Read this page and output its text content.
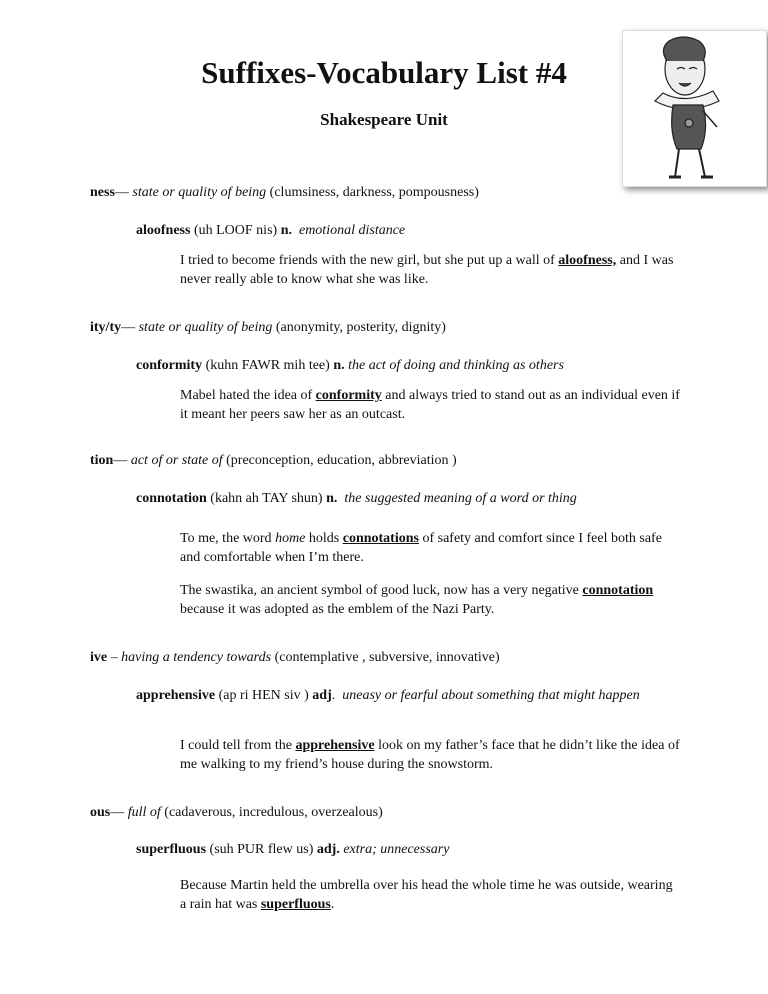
Suffixes-Vocabulary List #4
Shakespeare Unit

ness— state or quality of being (clumsiness, darkness, pompousness)

aloofness (uh LOOF nis) n. emotional distance

I tried to become friends with the new girl, but she put up a wall of aloofness, and I was never really able to know what she was like.

ity/ty— state or quality of being (anonymity, posterity, dignity)

conformity (kuhn FAWR mih tee) n. the act of doing and thinking as others

Mabel hated the idea of conformity and always tried to stand out as an individual even if it meant her peers saw her as an outcast.

tion— act of or state of (preconception, education, abbreviation )

connotation (kahn ah TAY shun) n. the suggested meaning of a word or thing

To me, the word home holds connotations of safety and comfort since I feel both safe and comfortable when I’m there.

The swastika, an ancient symbol of good luck, now has a very negative connotation because it was adopted as the emblem of the Nazi Party.

ive – having a tendency towards (contemplative , subversive, innovative)

apprehensive (ap ri HEN siv ) adj.  uneasy or fearful about something that might happen

I could tell from the apprehensive look on my father’s face that he didn’t like the idea of me walking to my friend’s house during the snowstorm.

ous— full of (cadaverous, incredulous, overzealous)

superfluous (suh PUR flew us) adj. extra; unnecessary

Because Martin held the umbrella over his head the whole time he was outside, wearing a rain hat was superfluous.
